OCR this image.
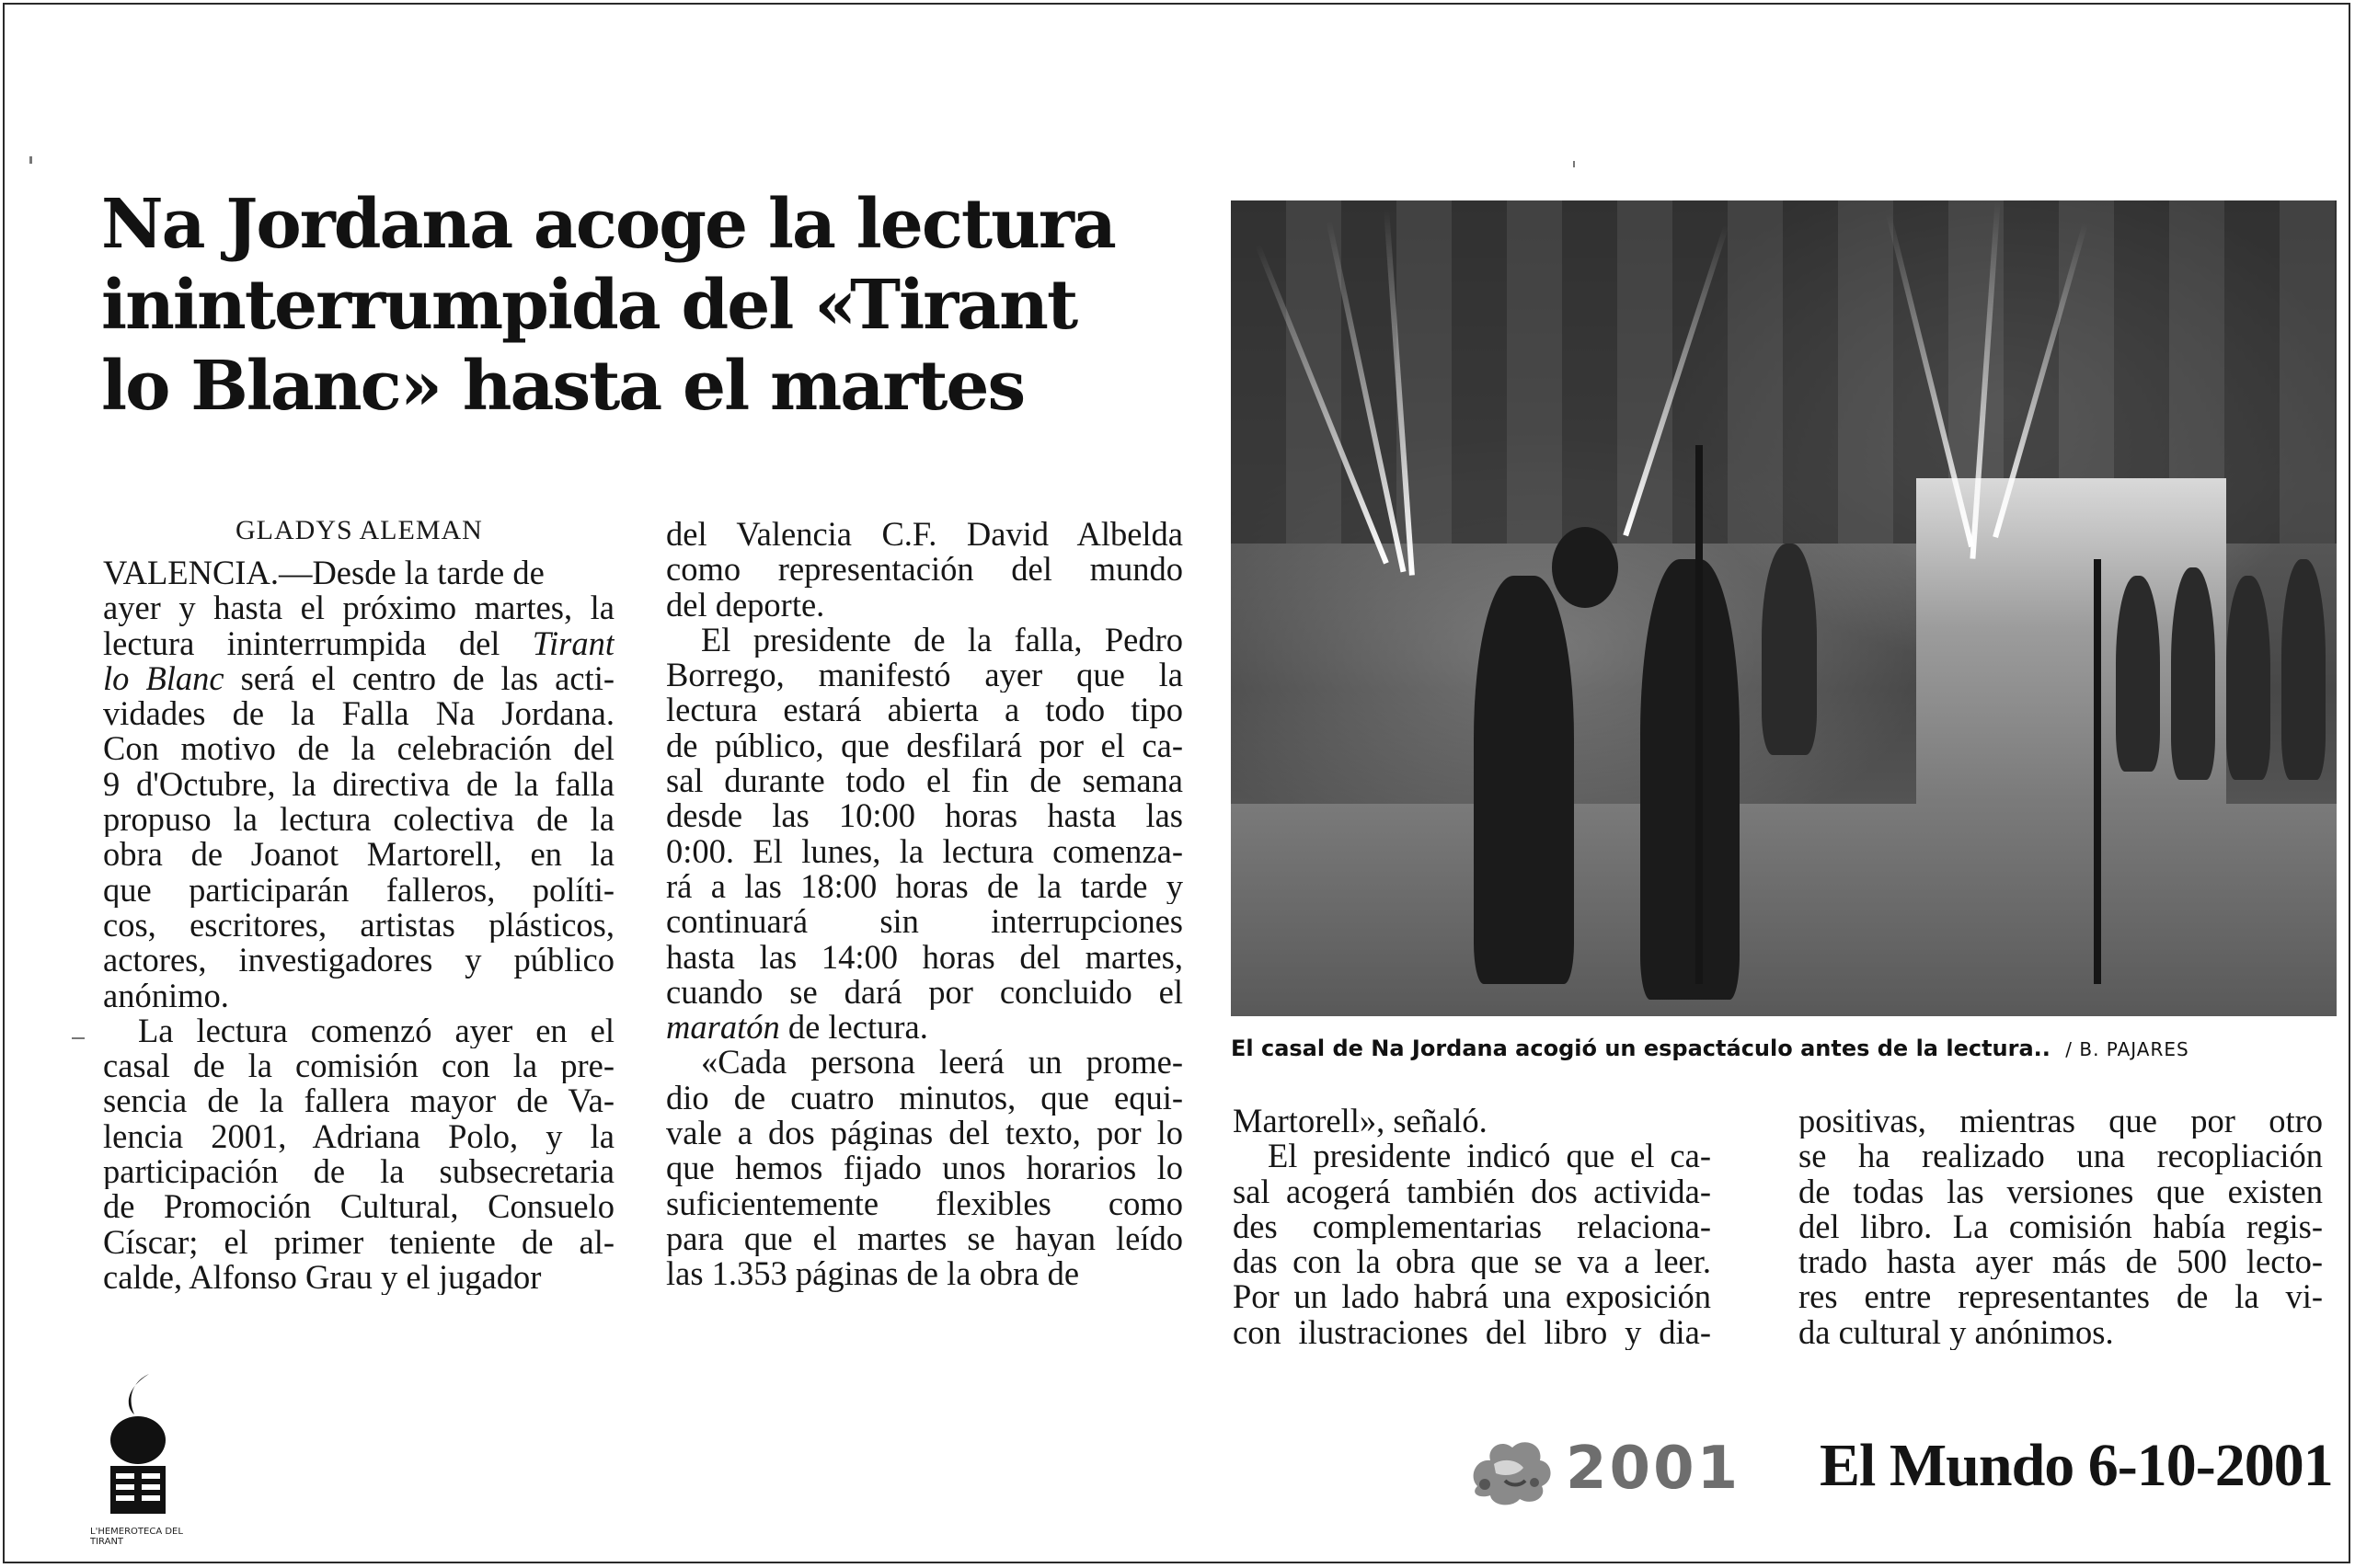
Na Jordana acoge la lectura
ininterrumpida del «Tirant
lo Blanc» hasta el martes
GLADYS ALEMAN
VALENCIA.—Desde la tarde de
ayer y hasta el próximo martes, la
lectura ininterrumpida del Tirant
lo Blanc será el centro de las acti-
vidades de la Falla Na Jordana.
Con motivo de la celebración del
9 d'Octubre, la directiva de la falla
propuso la lectura colectiva de la
obra de Joanot Martorell, en la
que participarán falleros, políti-
cos, escritores, artistas plásticos,
actores, investigadores y público
anónimo.
La lectura comenzó ayer en el
casal de la comisión con la pre-
sencia de la fallera mayor de Va-
lencia 2001, Adriana Polo, y la
participación de la subsecretaria
de Promoción Cultural, Consuelo
Císcar; el primer teniente de al-
calde, Alfonso Grau y el jugador
del Valencia C.F. David Albelda
como representación del mundo
del deporte.
El presidente de la falla, Pedro
Borrego, manifestó ayer que la
lectura estará abierta a todo tipo
de público, que desfilará por el ca-
sal durante todo el fin de semana
desde las 10:00 horas hasta las
0:00. El lunes, la lectura comenza-
rá a las 18:00 horas de la tarde y
continuará sin interrupciones
hasta las 14:00 horas del martes,
cuando se dará por concluido el
maratón de lectura.
«Cada persona leerá un prome-
dio de cuatro minutos, que equi-
vale a dos páginas del texto, por lo
que hemos fijado unos horarios lo
suficientemente flexibles como
para que el martes se hayan leído
las 1.353 páginas de la obra de
El casal de Na Jordana acogió un espactáculo antes de la lectura.. / B. PAJARES
Martorell», señaló.
El presidente indicó que el ca-
sal acogerá también dos activida-
des complementarias relaciona-
das con la obra que se va a leer.
Por un lado habrá una exposición
con ilustraciones del libro y dia-
positivas, mientras que por otro
se ha realizado una recopliación
de todas las versiones que existen
del libro. La comisión había regis-
trado hasta ayer más de 500 lecto-
res entre representantes de la vi-
da cultural y anónimos.
L'HEMEROTECA DEL TIRANT
2001 El Mundo 6-10-2001
